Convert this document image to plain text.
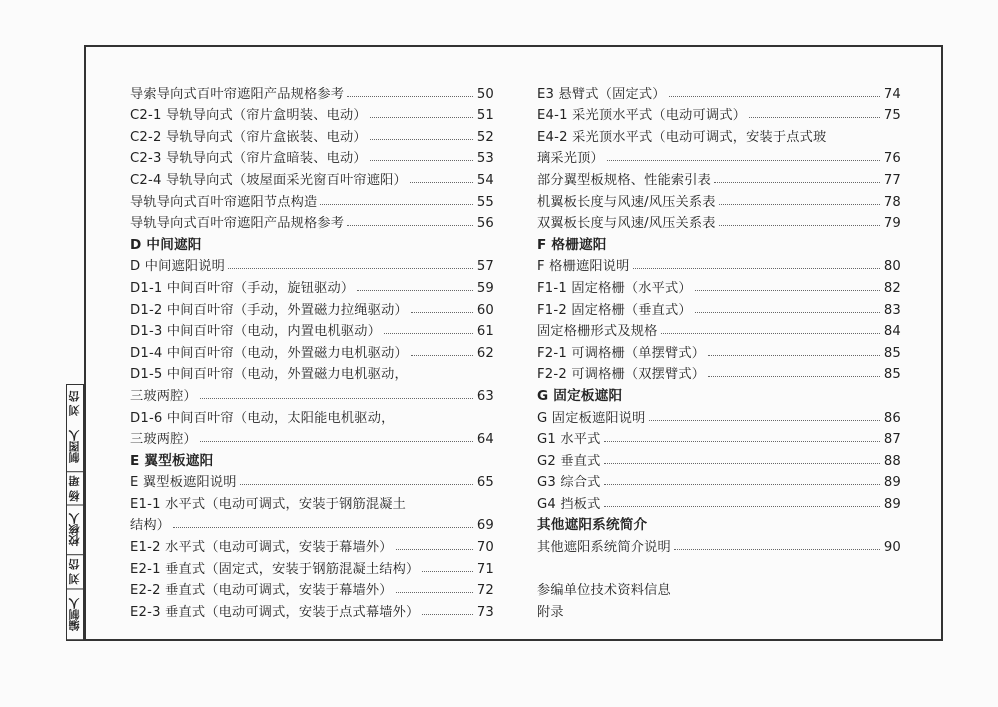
导索导向式百叶帘遮阳产品规格参考	50
C2-1 导轨导向式（帘片盒明装、电动）	51
C2-2 导轨导向式（帘片盒嵌装、电动）	52
C2-3 导轨导向式（帘片盒暗装、电动）	53
C2-4 导轨导向式（坡屋面采光窗百叶帘遮阳）	54
导轨导向式百叶帘遮阳节点构造	55
导轨导向式百叶帘遮阳产品规格参考	56
D 中间遮阳
D 中间遮阳说明	57
D1-1 中间百叶帘（手动，旋钮驱动）	59
D1-2 中间百叶帘（手动，外置磁力拉绳驱动）	60
D1-3 中间百叶帘（电动，内置电机驱动）	61
D1-4 中间百叶帘（电动，外置磁力电机驱动）	62
D1-5 中间百叶帘（电动，外置磁力电机驱动，
三玻两腔）	63
D1-6 中间百叶帘（电动，太阳能电机驱动，
三玻两腔）	64
E 翼型板遮阳
E 翼型板遮阳说明	65
E1-1 水平式（电动可调式，安装于钢筋混凝土
结构）	69
E1-2 水平式（电动可调式，安装于幕墙外）	70
E2-1 垂直式（固定式，安装于钢筋混凝土结构）	71
E2-2 垂直式（电动可调式，安装于幕墙外）	72
E2-3 垂直式（电动可调式，安装于点式幕墙外）	73
E3 悬臂式（固定式）	74
E4-1 采光顶水平式（电动可调式）	75
E4-2 采光顶水平式（电动可调式，安装于点式玻
璃采光顶）	76
部分翼型板规格、性能索引表	77
机翼板长度与风速/风压关系表	78
双翼板长度与风速/风压关系表	79
F 格栅遮阳
F 格栅遮阳说明	80
F1-1 固定格栅（水平式）	82
F1-2 固定格栅（垂直式）	83
固定格栅形式及规格	84
F2-1 可调格栅（单摆臂式）	85
F2-2 可调格栅（双摆臂式）	85
G 固定板遮阳
G 固定板遮阳说明	86
G1 水平式	87
G2 垂直式	88
G3 综合式	89
G4 挡板式	89
其他遮阳系统简介
其他遮阳系统简介说明	90
参编单位技术资料信息
附录
编制人
刘 岱
校核人
杨 珺
制图人
刘 岱
